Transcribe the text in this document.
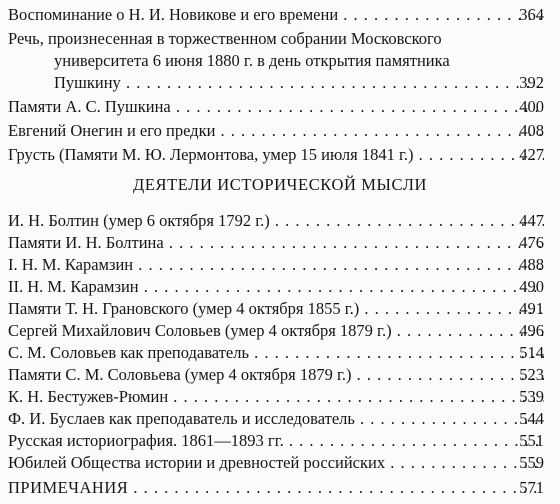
Воспоминание о Н. И. Новикове и его времени . . .	364
Речь, произнесенная в торжественном собрании Московского
университета 6 июня 1880 г. в день открытия памятника
Пушкину . . .	392
Памяти А. С. Пушкина . . .	400
Евгений Онегин и его предки . . .	408
Грусть (Памяти М. Ю. Лермонтова, умер 15 июля 1841 г.) . . .	427
ДЕЯТЕЛИ ИСТОРИЧЕСКОЙ МЫСЛИ
И. Н. Болтин (умер 6 октября 1792 г.) . . .	447
Памяти И. Н. Болтина . . .	476
I. Н. М. Карамзин . . .	488
II. Н. М. Карамзин . . .	490
Памяти Т. Н. Грановского (умер 4 октября 1855 г.) . . .	491
Сергей Михайлович Соловьев (умер 4 октября 1879 г.) . . .	496
С. М. Соловьев как преподаватель . . .	514
Памяти С. М. Соловьева (умер 4 октября 1879 г.) . . .	523
К. Н. Бестужев-Рюмин . . .	539
Ф. И. Буслаев как преподаватель и исследователь . . .	544
Русская историография. 1861—1893 гг. . . .	551
Юбилей Общества истории и древностей российских . . .	559
ПРИМЕЧАНИЯ . . .	571
